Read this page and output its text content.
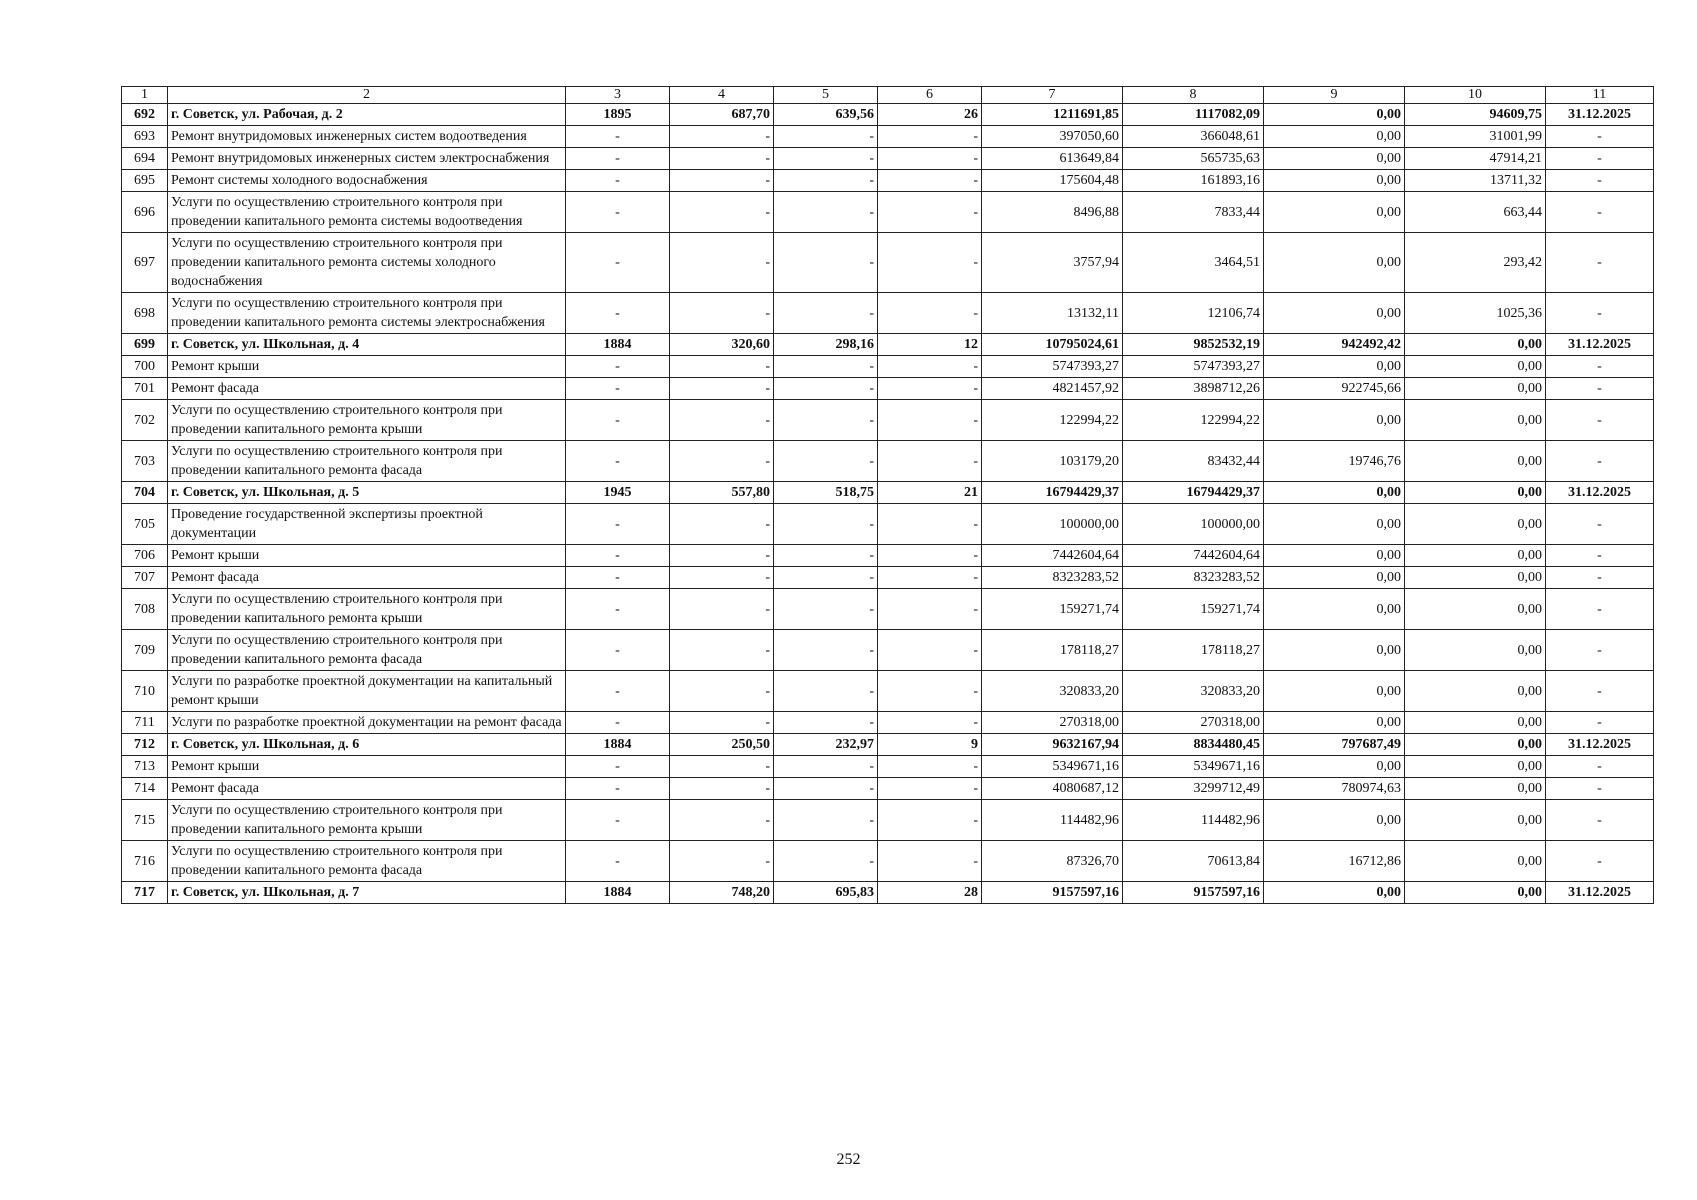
1	2	3	4	5	6	7	8	9	10	11
692	г. Советск, ул. Рабочая, д. 2	1895	687,70	639,56	26	1211691,85	1117082,09	0,00	94609,75	31.12.2025
693	Ремонт внутридомовых инженерных систем водоотведения	-	-	-	-	397050,60	366048,61	0,00	31001,99	-
694	Ремонт внутридомовых инженерных систем электроснабжения	-	-	-	-	613649,84	565735,63	0,00	47914,21	-
695	Ремонт системы холодного водоснабжения	-	-	-	-	175604,48	161893,16	0,00	13711,32	-
696	Услуги по осуществлению строительного контроля при проведении капитального ремонта системы водоотведения	-	-	-	-	8496,88	7833,44	0,00	663,44	-
697	Услуги по осуществлению строительного контроля при проведении капитального ремонта системы холодного водоснабжения	-	-	-	-	3757,94	3464,51	0,00	293,42	-
698	Услуги по осуществлению строительного контроля при проведении капитального ремонта системы электроснабжения	-	-	-	-	13132,11	12106,74	0,00	1025,36	-
699	г. Советск, ул. Школьная, д. 4	1884	320,60	298,16	12	10795024,61	9852532,19	942492,42	0,00	31.12.2025
700	Ремонт крыши	-	-	-	-	5747393,27	5747393,27	0,00	0,00	-
701	Ремонт фасада	-	-	-	-	4821457,92	3898712,26	922745,66	0,00	-
702	Услуги по осуществлению строительного контроля при проведении капитального ремонта крыши	-	-	-	-	122994,22	122994,22	0,00	0,00	-
703	Услуги по осуществлению строительного контроля при проведении капитального ремонта фасада	-	-	-	-	103179,20	83432,44	19746,76	0,00	-
704	г. Советск, ул. Школьная, д. 5	1945	557,80	518,75	21	16794429,37	16794429,37	0,00	0,00	31.12.2025
705	Проведение государственной экспертизы проектной документации	-	-	-	-	100000,00	100000,00	0,00	0,00	-
706	Ремонт крыши	-	-	-	-	7442604,64	7442604,64	0,00	0,00	-
707	Ремонт фасада	-	-	-	-	8323283,52	8323283,52	0,00	0,00	-
708	Услуги по осуществлению строительного контроля при проведении капитального ремонта крыши	-	-	-	-	159271,74	159271,74	0,00	0,00	-
709	Услуги по осуществлению строительного контроля при проведении капитального ремонта фасада	-	-	-	-	178118,27	178118,27	0,00	0,00	-
710	Услуги по разработке проектной документации на капитальный ремонт крыши	-	-	-	-	320833,20	320833,20	0,00	0,00	-
711	Услуги по разработке проектной документации на ремонт фасада	-	-	-	-	270318,00	270318,00	0,00	0,00	-
712	г. Советск, ул. Школьная, д. 6	1884	250,50	232,97	9	9632167,94	8834480,45	797687,49	0,00	31.12.2025
713	Ремонт крыши	-	-	-	-	5349671,16	5349671,16	0,00	0,00	-
714	Ремонт фасада	-	-	-	-	4080687,12	3299712,49	780974,63	0,00	-
715	Услуги по осуществлению строительного контроля при проведении капитального ремонта крыши	-	-	-	-	114482,96	114482,96	0,00	0,00	-
716	Услуги по осуществлению строительного контроля при проведении капитального ремонта фасада	-	-	-	-	87326,70	70613,84	16712,86	0,00	-
717	г. Советск, ул. Школьная, д. 7	1884	748,20	695,83	28	9157597,16	9157597,16	0,00	0,00	31.12.2025
252
